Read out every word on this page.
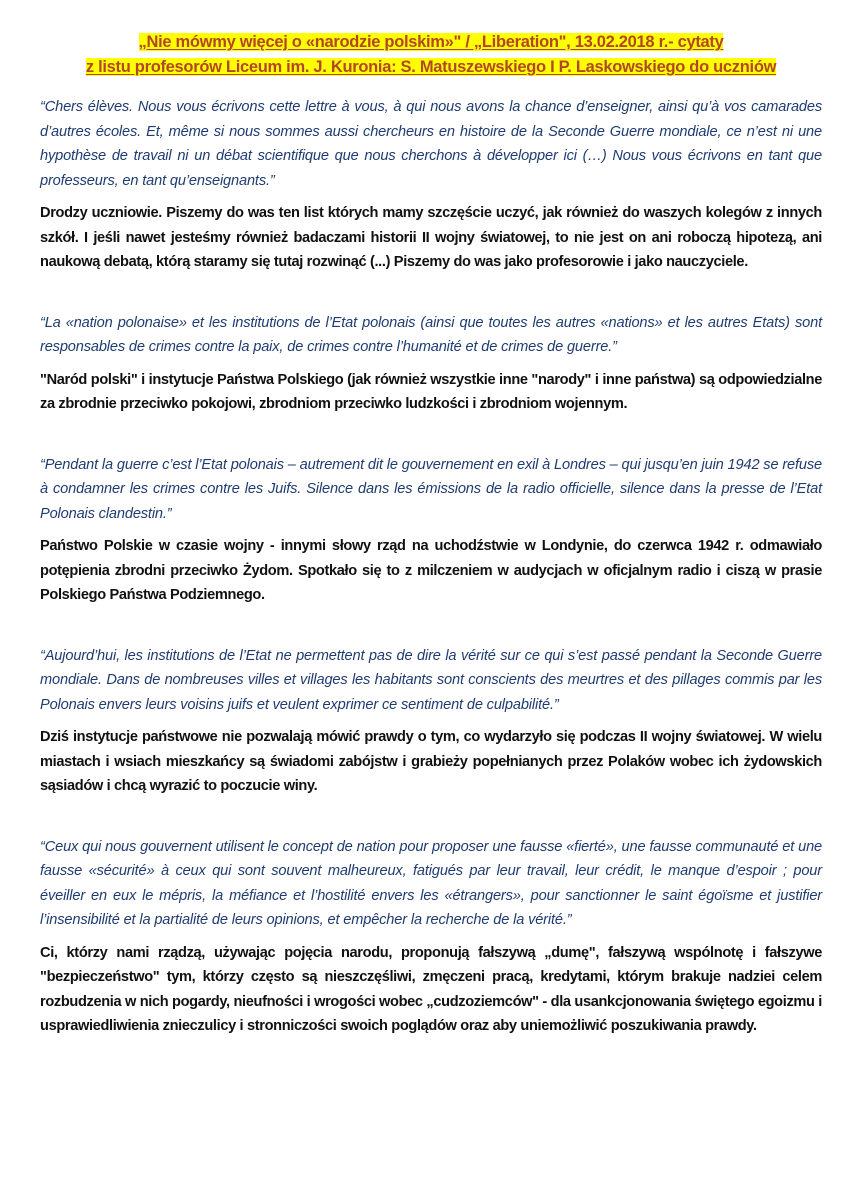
„Nie mówmy więcej o «narodzie polskim»" / „Liberation", 13.02.2018 r.- cytaty
z listu profesorów Liceum im. J. Kuronia: S. Matuszewskiego I P. Laskowskiego do uczniów

“Chers élèves. Nous vous écrivons cette lettre à vous, à qui nous avons la chance d’enseigner, ainsi qu’à vos camarades d’autres écoles. Et, même si nous sommes aussi chercheurs en histoire de la Seconde Guerre mondiale, ce n’est ni une hypothèse de travail ni un débat scientifique que nous cherchons à développer ici (…) Nous vous écrivons en tant que professeurs, en tant qu’enseignants.”

Drodzy uczniowie. Piszemy do was ten list których mamy szczęście uczyć, jak również do waszych kolegów z innych szkół. I jeśli nawet jesteśmy również badaczami historii II wojny światowej, to nie jest on ani roboczą hipotezą, ani naukową debatą, którą staramy się tutaj rozwinąć (...) Piszemy do was jako profesorowie i jako nauczyciele.

“La «nation polonaise» et les institutions de l’Etat polonais (ainsi que toutes les autres «nations» et les autres Etats) sont responsables de crimes contre la paix, de crimes contre l’humanité et de crimes de guerre.”

"Naród polski" i instytucje Państwa Polskiego (jak również wszystkie inne "narody" i inne państwa) są odpowiedzialne za zbrodnie przeciwko pokojowi, zbrodniom przeciwko ludzkości i zbrodniom wojennym.

“Pendant la guerre c’est l’Etat polonais – autrement dit le gouvernement en exil à Londres – qui jusqu’en juin 1942 se refuse à condamner les crimes contre les Juifs. Silence dans les émissions de la radio officielle, silence dans la presse de l’Etat Polonais clandestin.”

Państwo Polskie w czasie wojny - innymi słowy rząd na uchodźstwie w Londynie, do czerwca 1942 r. odmawiało potępienia zbrodni przeciwko Żydom. Spotkało się to z milczeniem w audycjach w oficjalnym radio i ciszą w prasie Polskiego Państwa Podziemnego.

“Aujourd’hui, les institutions de l’Etat ne permettent pas de dire la vérité sur ce qui s’est passé pendant la Seconde Guerre mondiale. Dans de nombreuses villes et villages les habitants sont conscients des meurtres et des pillages commis par les Polonais envers leurs voisins juifs et veulent exprimer ce sentiment de culpabilité.”

Dziś instytucje państwowe nie pozwalają mówić prawdy o tym, co wydarzyło się podczas II wojny światowej. W wielu miastach i wsiach mieszkańcy są świadomi zabójstw i grabieży popełnianych przez Polaków wobec ich żydowskich sąsiadów i chcą wyrazić to poczucie winy.

“Ceux qui nous gouvernent utilisent le concept de nation pour proposer une fausse «fierté», une fausse communauté et une fausse «sécurité» à ceux qui sont souvent malheureux, fatigués par leur travail, leur crédit, le manque d’espoir ; pour éveiller en eux le mépris, la méfiance et l’hostilité envers les «étrangers», pour sanctionner le saint égoïsme et justifier l’insensibilité et la partialité de leurs opinions, et empêcher la recherche de la vérité.”

Ci, którzy nami rządzą, używając pojęcia narodu, proponują fałszywą „dumę", fałszywą wspólnotę i fałszywe "bezpieczeństwo" tym, którzy często są nieszczęśliwi, zmęczeni pracą, kredytami, którym brakuje nadziei celem rozbudzenia w nich pogardy, nieufności i wrogości wobec „cudzoziemców" - dla usankcjonowania świętego egoizmu i usprawiedliwienia znieczulicy i stronniczości swoich poglądów oraz aby uniemożliwić poszukiwania prawdy.
